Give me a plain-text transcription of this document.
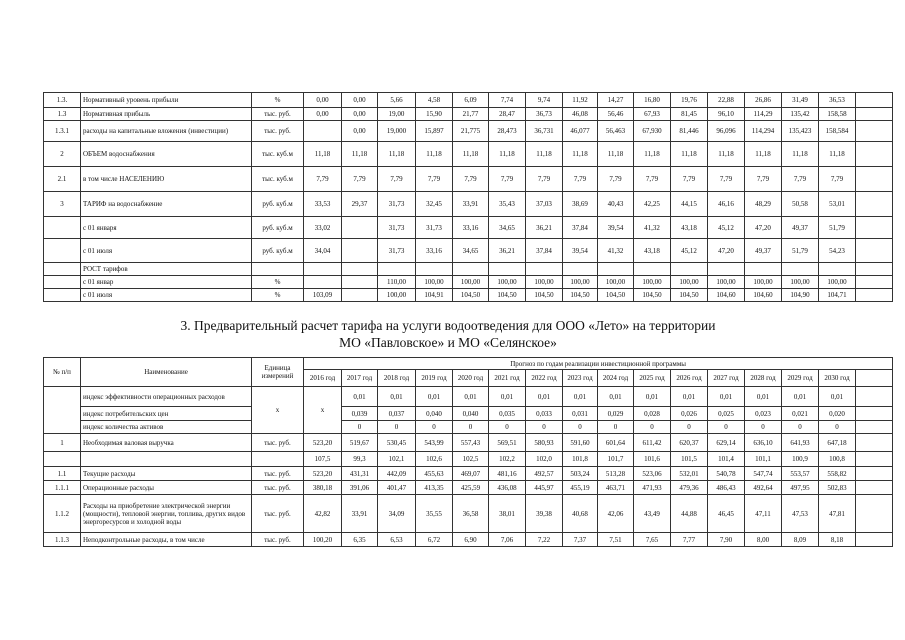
1.3.	Нормативный уровень прибыли	%	0,00	0,00	5,66	4,58	6,09	7,74	9,74	11,92	14,27	16,80	19,76	22,88	26,86	31,49	36,53	
1.3	Нормативная прибыль	тыс. руб.	0,00	0,00	19,00	15,90	21,77	28,47	36,73	46,08	56,46	67,93	81,45	96,10	114,29	135,42	158,58	
1.3.1	расходы на капитальные вложения (инвестиции)	тыс. руб.		0,00	19,000	15,897	21,775	28,473	36,731	46,077	56,463	67,930	81,446	96,096	114,294	135,423	158,584	
2	ОБЪЕМ водоснабжения	тыс. куб.м	11,18	11,18	11,18	11,18	11,18	11,18	11,18	11,18	11,18	11,18	11,18	11,18	11,18	11,18	11,18	
2.1	в том числе НАСЕЛЕНИЮ	тыс. куб.м	7,79	7,79	7,79	7,79	7,79	7,79	7,79	7,79	7,79	7,79	7,79	7,79	7,79	7,79	7,79	
3	ТАРИФ на водоснабжение	руб. куб.м	33,53	29,37	31,73	32,45	33,91	35,43	37,03	38,69	40,43	42,25	44,15	46,16	48,29	50,58	53,01	
	с 01 января	руб. куб.м	33,02		31,73	31,73	33,16	34,65	36,21	37,84	39,54	41,32	43,18	45,12	47,20	49,37	51,79	
	с 01 июля	руб. куб.м	34,04		31,73	33,16	34,65	36,21	37,84	39,54	41,32	43,18	45,12	47,20	49,37	51,79	54,23	
	РОСТ тарифов																	
	с 01 январ	%			110,00	100,00	100,00	100,00	100,00	100,00	100,00	100,00	100,00	100,00	100,00	100,00	100,00	
	с 01 июля	%	103,09		100,00	104,91	104,50	104,50	104,50	104,50	104,50	104,50	104,50	104,60	104,60	104,90	104,71	
3. Предварительный расчет тарифа на услуги водоотведения для ООО «Лето» на территории
МО «Павловское» и МО «Селянское»
№ п/п	Наименование	Единица измерений	Прогноз по годам реализации инвестиционной программы															
			2016 год	2017 год	2018 год	2019 год	2020 год	2021 год	2022 год	2023 год	2024 год	2025 год	2026 год	2027 год	2028 год	2029 год	2030 год	
	индекс эффективности операционных расходов	х	х	0,01	0,01	0,01	0,01	0,01	0,01	0,01	0,01	0,01	0,01	0,01	0,01	0,01	0,01	
	индекс потребительских цен			0,039	0,037	0,040	0,040	0,035	0,033	0,031	0,029	0,028	0,026	0,025	0,023	0,021	0,020	
	индекс количества активов			0	0	0	0	0	0	0	0	0	0	0	0	0	0	
1	Необходимая валовая выручка	тыс. руб.	523,20	519,67	530,45	543,99	557,43	569,51	580,93	591,60	601,64	611,42	620,37	629,14	636,10	641,93	647,18	
			107,5	99,3	102,1	102,6	102,5	102,2	102,0	101,8	101,7	101,6	101,5	101,4	101,1	100,9	100,8	
1.1	Текущие расходы	тыс. руб.	523,20	431,31	442,09	455,63	469,07	481,16	492,57	503,24	513,28	523,06	532,01	540,78	547,74	553,57	558,82	
1.1.1	Операционные расходы	тыс. руб.	380,18	391,06	401,47	413,35	425,59	436,08	445,97	455,19	463,71	471,93	479,36	486,43	492,64	497,95	502,83	
1.1.2	Расходы на приобретение электрической энергии (мощности), тепловой энергии, топлива, других видов энергоресурсов и холодной воды	тыс. руб.	42,82	33,91	34,09	35,55	36,58	38,01	39,38	40,68	42,06	43,49	44,88	46,45	47,11	47,53	47,81	
1.1.3	Неподконтрольные расходы, в том числе	тыс. руб.	100,20	6,35	6,53	6,72	6,90	7,06	7,22	7,37	7,51	7,65	7,77	7,90	8,00	8,09	8,18	
